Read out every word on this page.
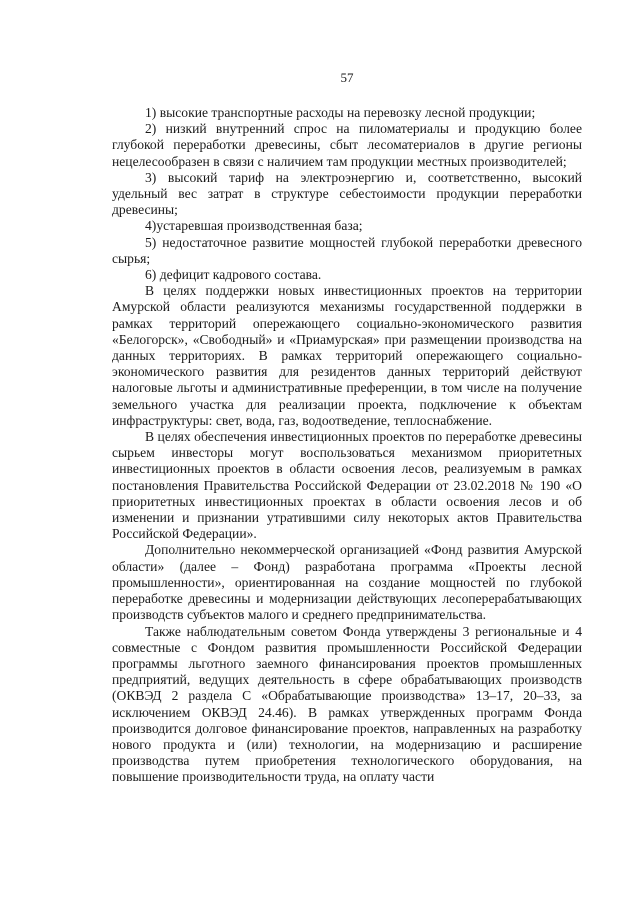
57

1) высокие транспортные расходы на перевозку лесной продукции;

2) низкий внутренний спрос на пиломатериалы и продукцию более глубокой переработки древесины, сбыт лесоматериалов в другие регионы нецелесообразен в связи с наличием там продукции местных производителей;

3) высокий тариф на электроэнергию и, соответственно, высокий удельный вес затрат в структуре себестоимости продукции переработки древесины;

4)устаревшая производственная база;

5) недостаточное развитие мощностей глубокой переработки древесного сырья;

6) дефицит кадрового состава.

В целях поддержки новых инвестиционных проектов на территории Амурской области реализуются механизмы государственной поддержки в рамках территорий опережающего социально-экономического развития «Белогорск», «Свободный» и «Приамурская» при размещении производства на данных территориях. В рамках территорий опережающего социально-экономического развития для резидентов данных территорий действуют налоговые льготы и административные преференции, в том числе на получение земельного участка для реализации проекта, подключение к объектам инфраструктуры: свет, вода, газ, водоотведение, теплоснабжение.

В целях обеспечения инвестиционных проектов по переработке древесины сырьем инвесторы могут воспользоваться механизмом приоритетных инвестиционных проектов в области освоения лесов, реализуемым в рамках постановления Правительства Российской Федерации от 23.02.2018 № 190 «О приоритетных инвестиционных проектах в области освоения лесов и об изменении и признании утратившими силу некоторых актов Правительства Российской Федерации».

Дополнительно некоммерческой организацией «Фонд развития Амурской области» (далее – Фонд) разработана программа «Проекты лесной промышленности», ориентированная на создание мощностей по глубокой переработке древесины и модернизации действующих лесоперерабатывающих производств субъектов малого и среднего предпринимательства.

Также наблюдательным советом Фонда утверждены 3 региональные и 4 совместные с Фондом развития промышленности Российской Федерации программы льготного заемного финансирования проектов промышленных предприятий, ведущих деятельность в сфере обрабатывающих производств (ОКВЭД 2 раздела С «Обрабатывающие производства» 13–17, 20–33, за исключением ОКВЭД 24.46). В рамках утвержденных программ Фонда производится долговое финансирование проектов, направленных на разработку нового продукта и (или) технологии, на модернизацию и расширение производства путем приобретения технологического оборудования, на повышение производительности труда, на оплату части
